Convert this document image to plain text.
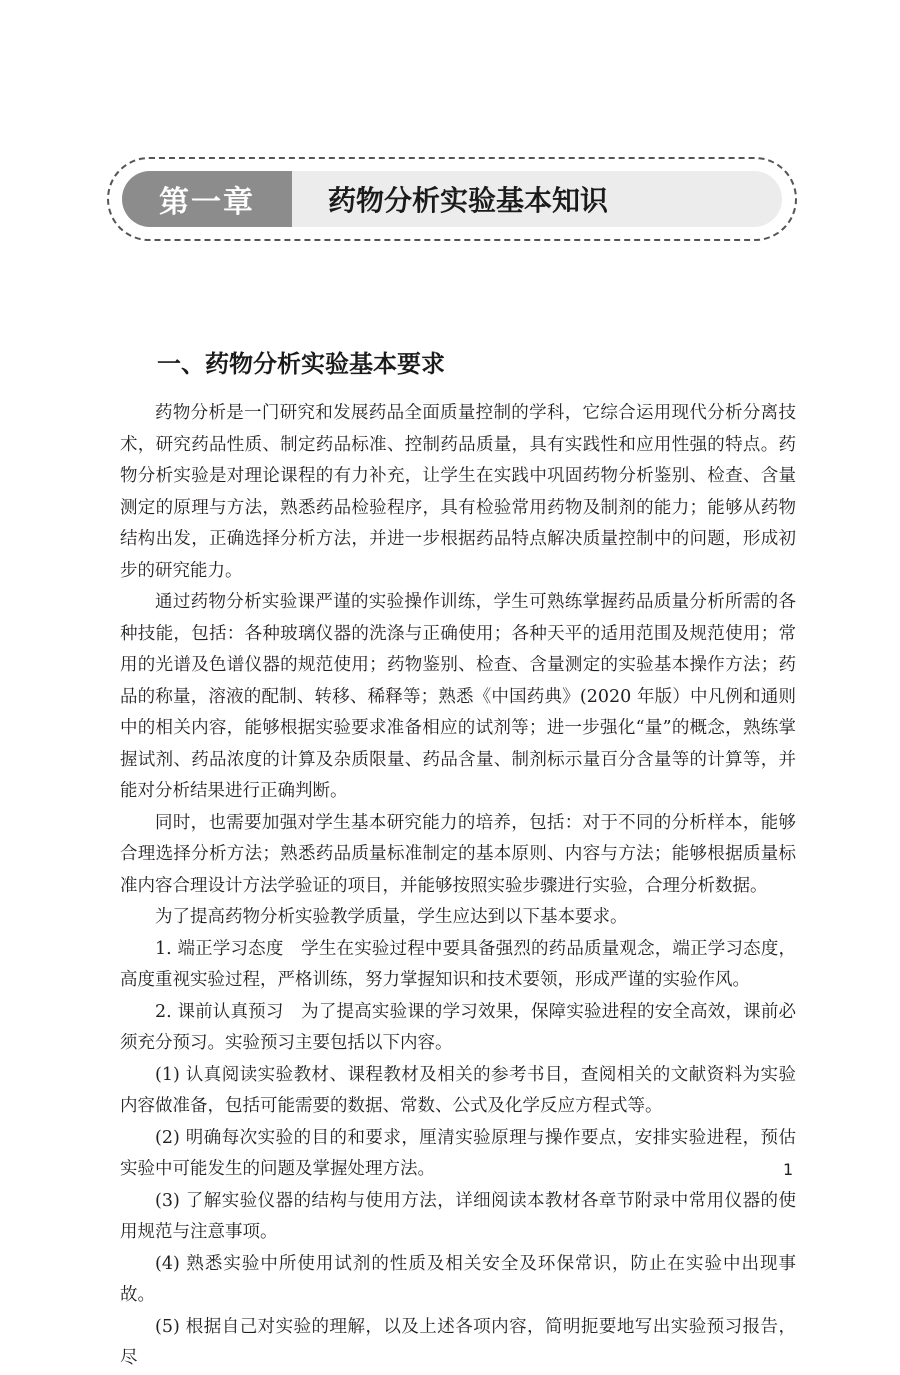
第一章	药物分析实验基本知识
一、药物分析实验基本要求

药物分析是一门研究和发展药品全面质量控制的学科，它综合运用现代分析分离技术，研究药品性质、制定药品标准、控制药品质量，具有实践性和应用性强的特点。药物分析实验是对理论课程的有力补充，让学生在实践中巩固药物分析鉴别、检查、含量测定的原理与方法，熟悉药品检验程序，具有检验常用药物及制剂的能力；能够从药物结构出发，正确选择分析方法，并进一步根据药品特点解决质量控制中的问题，形成初步的研究能力。

通过药物分析实验课严谨的实验操作训练，学生可熟练掌握药品质量分析所需的各种技能，包括：各种玻璃仪器的洗涤与正确使用；各种天平的适用范围及规范使用；常用的光谱及色谱仪器的规范使用；药物鉴别、检查、含量测定的实验基本操作方法；药品的称量，溶液的配制、转移、稀释等；熟悉《中国药典》(2020 年版）中凡例和通则中的相关内容，能够根据实验要求准备相应的试剂等；进一步强化“量”的概念，熟练掌握试剂、药品浓度的计算及杂质限量、药品含量、制剂标示量百分含量等的计算等，并能对分析结果进行正确判断。

同时，也需要加强对学生基本研究能力的培养，包括：对于不同的分析样本，能够合理选择分析方法；熟悉药品质量标准制定的基本原则、内容与方法；能够根据质量标准内容合理设计方法学验证的项目，并能够按照实验步骤进行实验，合理分析数据。

为了提高药物分析实验教学质量，学生应达到以下基本要求。

1. 端正学习态度　学生在实验过程中要具备强烈的药品质量观念，端正学习态度，高度重视实验过程，严格训练，努力掌握知识和技术要领，形成严谨的实验作风。

2. 课前认真预习　为了提高实验课的学习效果，保障实验进程的安全高效，课前必须充分预习。实验预习主要包括以下内容。

(1) 认真阅读实验教材、课程教材及相关的参考书目，查阅相关的文献资料为实验内容做准备，包括可能需要的数据、常数、公式及化学反应方程式等。

(2) 明确每次实验的目的和要求，厘清实验原理与操作要点，安排实验进程，预估实验中可能发生的问题及掌握处理方法。

(3) 了解实验仪器的结构与使用方法，详细阅读本教材各章节附录中常用仪器的使用规范与注意事项。

(4) 熟悉实验中所使用试剂的性质及相关安全及环保常识，防止在实验中出现事故。

(5) 根据自己对实验的理解，以及上述各项内容，简明扼要地写出实验预习报告，尽

1
